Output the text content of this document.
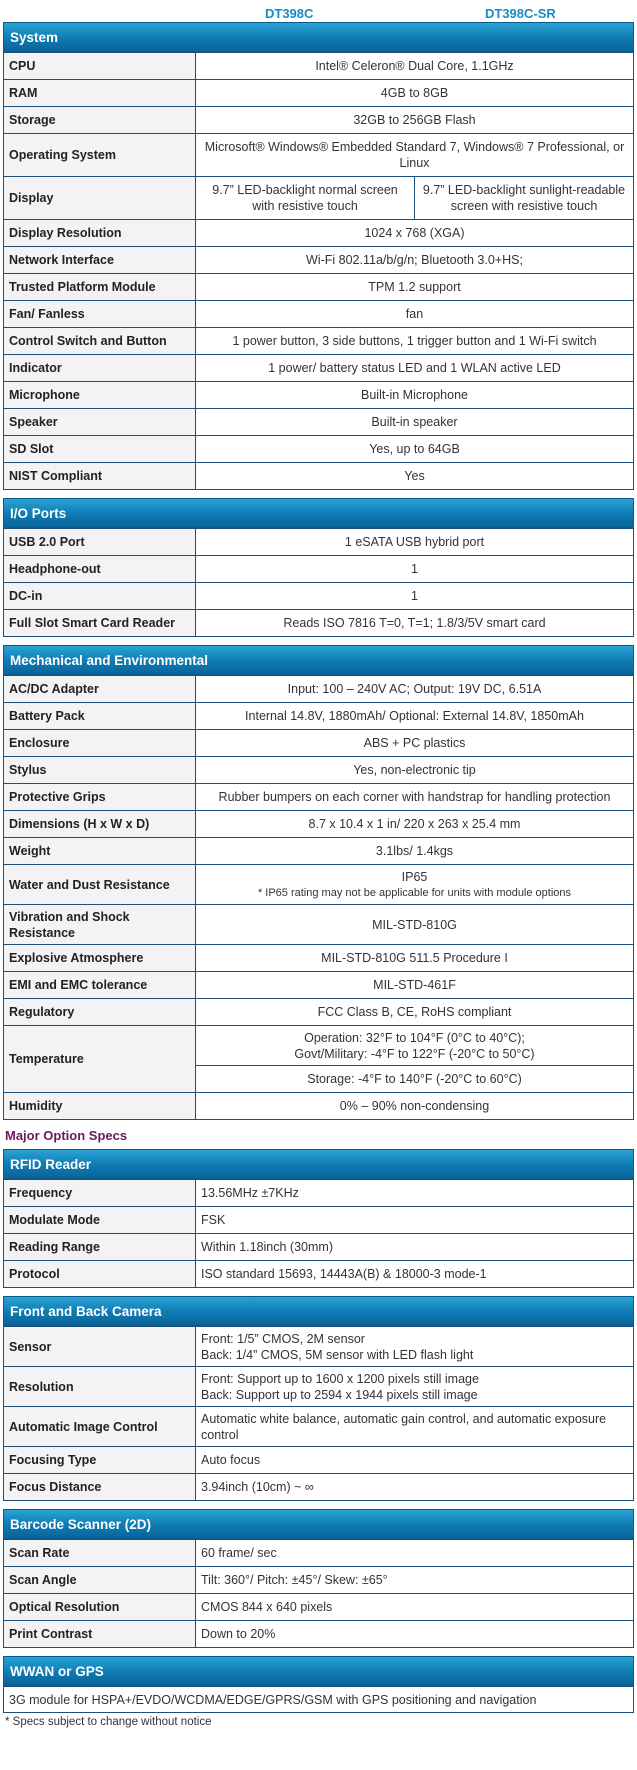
DT398C	DT398C-SR
System
CPU	Intel® Celeron® Dual Core, 1.1GHz	
RAM	4GB to 8GB	
Storage	32GB to 256GB Flash	
Operating System	Microsoft® Windows® Embedded Standard 7, Windows® 7 Professional, or Linux	
Display	9.7” LED-backlight normal screen with resistive touch	9.7” LED-backlight sunlight-readable screen with resistive touch
Display Resolution	1024 x 768 (XGA)	
Network Interface	Wi-Fi 802.11a/b/g/n; Bluetooth 3.0+HS;	
Trusted Platform Module	TPM 1.2 support	
Fan/ Fanless	fan	
Control Switch and Button	1 power button, 3 side buttons, 1 trigger button and 1 Wi-Fi switch	
Indicator	1 power/ battery status LED and 1 WLAN active LED	
Microphone	Built-in Microphone	
Speaker	Built-in speaker	
SD Slot	Yes, up to 64GB	
NIST Compliant	Yes	
I/O Ports
USB 2.0 Port	1 eSATA USB hybrid port
Headphone-out	1
DC-in	1
Full Slot Smart Card Reader	Reads ISO 7816 T=0, T=1; 1.8/3/5V smart card
Mechanical and Environmental
AC/DC Adapter	Input: 100 – 240V AC; Output: 19V DC, 6.51A
Battery Pack	Internal 14.8V, 1880mAh/ Optional: External 14.8V, 1850mAh
Enclosure	ABS + PC plastics
Stylus	Yes, non-electronic tip
Protective Grips	Rubber bumpers on each corner with handstrap for handling protection
Dimensions (H x W x D)	8.7 x 10.4 x 1 in/ 220 x 263 x 25.4 mm
Weight	3.1lbs/ 1.4kgs
Water and Dust Resistance	IP65
* IP65 rating may not be applicable for units with module options

Vibration and Shock Resistance	MIL-STD-810G
Explosive Atmosphere	MIL-STD-810G 511.5 Procedure I
EMI and EMC tolerance	MIL-STD-461F
Regulatory	FCC Class B, CE, RoHS compliant
Temperature	Operation: 32°F to 104°F (0°C to 40°C);
Govt/Military: -4°F to 122°F (-20°C to 50°C)

	Storage: -4°F to 140°F (-20°C to 60°C)
Humidity	0% – 90% non-condensing
Major Option Specs
RFID Reader
Frequency	13.56MHz ±7KHz
Modulate Mode	FSK
Reading Range	Within 1.18inch (30mm)
Protocol	ISO standard 15693, 14443A(B) & 18000-3 mode-1
Front and Back Camera
Sensor	Front: 1/5” CMOS, 2M sensor
Back: 1/4” CMOS, 5M sensor with LED flash light

Resolution	Front: Support up to 1600 x 1200 pixels still image
Back: Support up to 2594 x 1944 pixels still image

Automatic Image Control	Automatic white balance, automatic gain control, and automatic exposure control
Focusing Type	Auto focus
Focus Distance	3.94inch (10cm) ~ ∞
Barcode Scanner (2D)
Scan Rate	60 frame/ sec
Scan Angle	Tilt: 360°/ Pitch: ±45°/ Skew: ±65°
Optical Resolution	CMOS 844 x 640 pixels
Print Contrast	Down to 20%
WWAN or GPS
3G module for HSPA+/EVDO/WCDMA/EDGE/GPRS/GSM with GPS positioning and navigation
* Specs subject to change without notice
